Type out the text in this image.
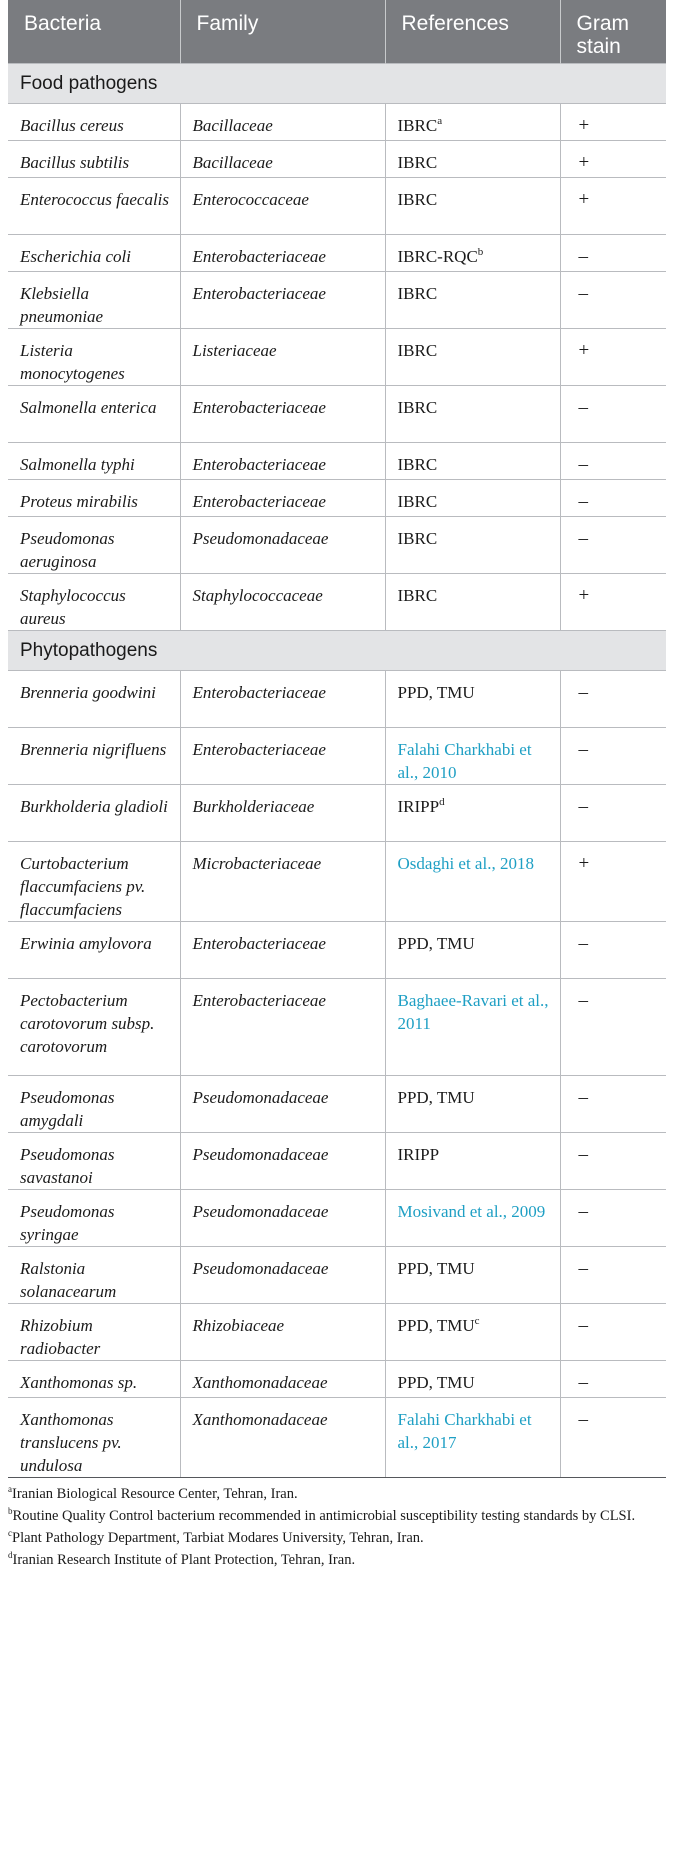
Bacteria	Family	References	Gram stain
Food pathogens			
Bacillus cereus	Bacillaceae	$IBRC^a$	+
Bacillus subtilis	Bacillaceae	IBRC	+
Enterococcus faecalis	Enterococcaceae	IBRC	+
Escherichia coli	Enterobacteriaceae	IBRC-RQC$^b$	–
Klebsiella pneumoniae	Enterobacteriaceae	IBRC	–
Listeria monocytogenes	Listeriaceae	IBRC	+
Salmonella enterica	Enterobacteriaceae	IBRC	–
Salmonella typhi	Enterobacteriaceae	IBRC	–
Proteus mirabilis	Enterobacteriaceae	IBRC	–
Pseudomonas aeruginosa	Pseudomonadaceae	IBRC	–
Staphylococcus aureus	Staphylococcaceae	IBRC	+
Phytopathogens			
Brenneria goodwini	Enterobacteriaceae	PPD, TMU	–
Brenneria nigrifluens	Enterobacteriaceae	Falahi Charkhabi et al., 2010	–
Burkholderia gladioli	Burkholderiaceae	IRIPP$^d$	–
Curtobacterium flaccumfaciens pv. flaccumfaciens	Microbacteriaceae	Osdaghi et al., 2018	+
Erwinia amylovora	Enterobacteriaceae	PPD, TMU	–
Pectobacterium carotovorum subsp. carotovorum	Enterobacteriaceae	Baghaee-Ravari et al., 2011	–
Pseudomonas amygdali	Pseudomonadaceae	PPD, TMU	–
Pseudomonas savastanoi	Pseudomonadaceae	IRIPP	–
Pseudomonas syringae	Pseudomonadaceae	Mosivand et al., 2009	–
Ralstonia solanacearum	Pseudomonadaceae	PPD, TMU	–
Rhizobium radiobacter	Rhizobiaceae	PPD, TMU$^c$	–
Xanthomonas sp.	Xanthomonadaceae	PPD, TMU	–
Xanthomonas translucens pv. undulosa	Xanthomonadaceae	Falahi Charkhabi et al., 2017	–

$^a$Iranian Biological Resource Center, Tehran, Iran.

$^b$Routine Quality Control bacterium recommended in antimicrobial susceptibility testing standards by CLSI.

$^c$Plant Pathology Department, Tarbiat Modares University, Tehran, Iran.

$^d$Iranian Research Institute of Plant Protection, Tehran, Iran.
